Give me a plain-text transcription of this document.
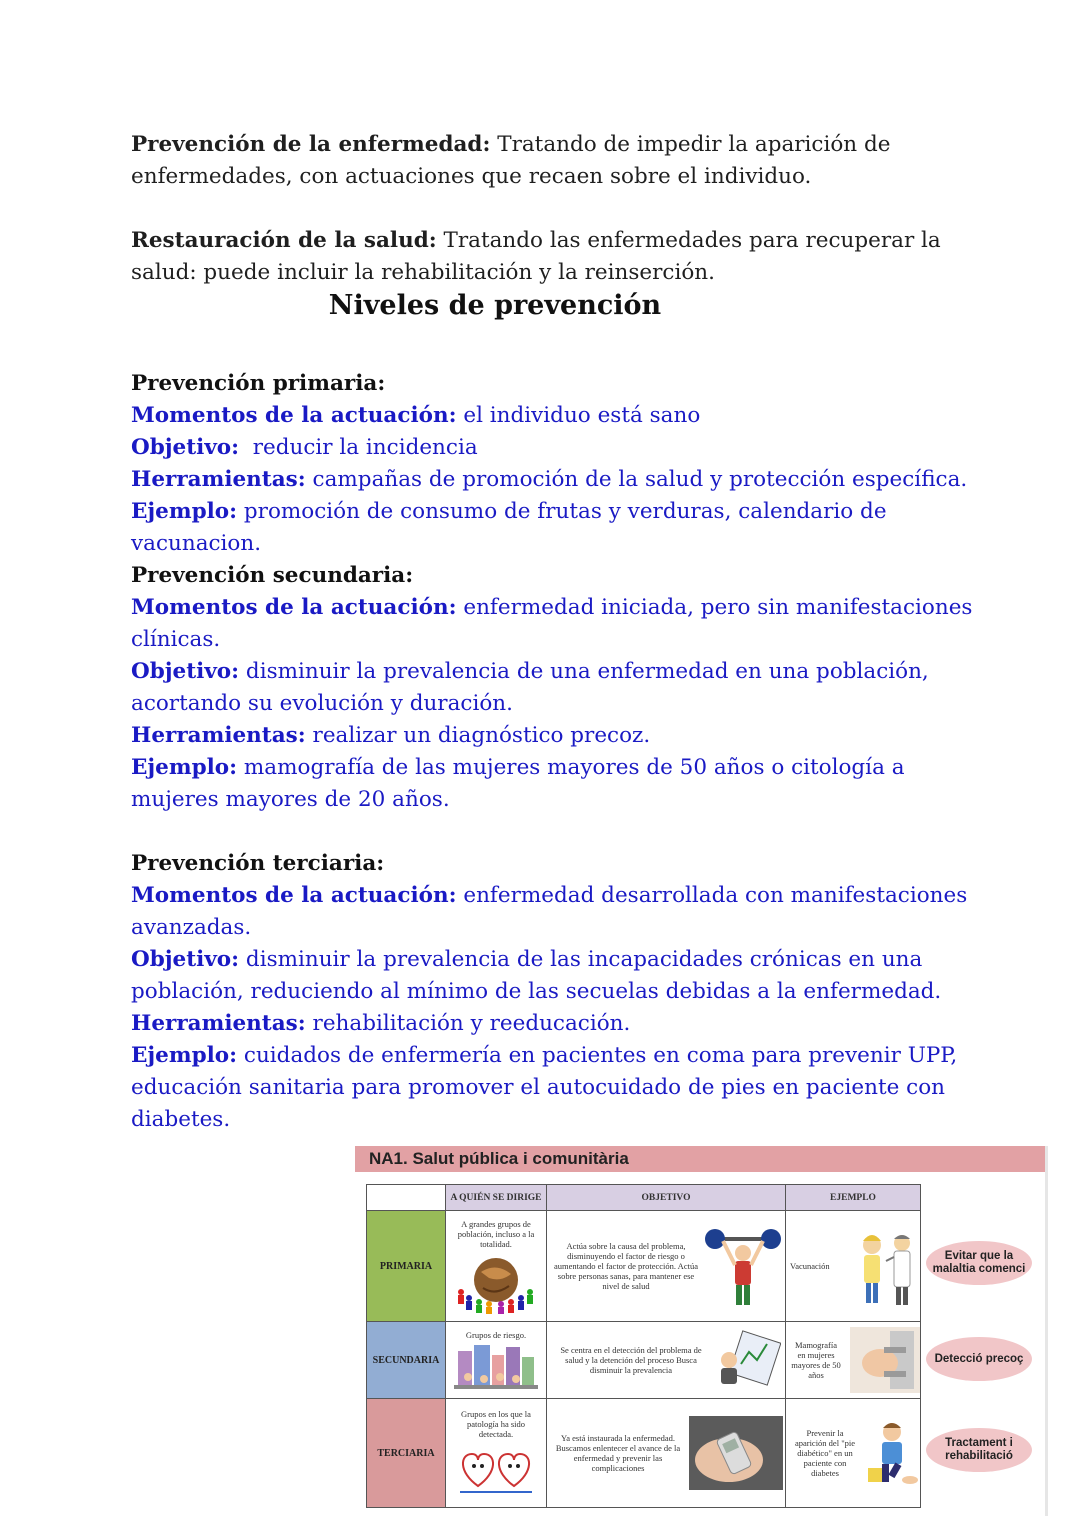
Prevención de la enfermedad: Tratando de impedir la aparición de enfermedades, con actuaciones que recaen sobre el individuo.

Restauración de la salud: Tratando las enfermedades para recuperar la salud: puede incluir la rehabilitación y la reinserción.

Niveles de prevención

Prevención primaria:

Momentos de la actuación: el individuo está sano

Objetivo:  reducir la incidencia

Herramientas: campañas de promoción de la salud y protección específica.

Ejemplo: promoción de consumo de frutas y verduras, calendario de vacunacion.

Prevención secundaria:

Momentos de la actuación: enfermedad iniciada, pero sin manifestaciones clínicas.

Objetivo: disminuir la prevalencia de una enfermedad en una población, acortando su evolución y duración.

Herramientas: realizar un diagnóstico precoz.

Ejemplo: mamografía de las mujeres mayores de 50 años o citología a mujeres mayores de 20 años.

Prevención terciaria:

Momentos de la actuación: enfermedad desarrollada con manifestaciones avanzadas.

Objetivo: disminuir la prevalencia de las incapacidades crónicas en una población, reduciendo al mínimo de las secuelas debidas a la enfermedad.

Herramientas: rehabilitación y reeducación.

Ejemplo: cuidados de enfermería en pacientes en coma para prevenir UPP, educación sanitaria para promover el autocuidado de pies en paciente con diabetes.

NA1. Salut pública i comunitària
	A QUIÉN SE DIRIGE	OBJETIVO	EJEMPLO
PRIMARIA	A grandes grupos de población, incluso a la totalidad.	Actúa sobre la causa del problema, disminuyendo el factor de riesgo o aumentando el factor de protección. Actúa sobre personas sanas, para mantener ese nivel de salud	Vacunación

SECUNDARIA	Grupos de riesgo.	Se centra en el detección del problema de salud y la detención del proceso Busca disminuir la prevalencia	Mamografía en mujeres mayores de 50 años

TERCIARIA	Grupos en los que la patología ha sido detectada.	Ya está instaurada la enfermedad. Buscamos enlentecer el avance de la enfermedad y prevenir las complicaciones	Prevenir la aparición del "pie diabético" en un paciente con diabetes
Evitar que la malaltia comenci
Detecció precoç
Tractament i rehabilitació
